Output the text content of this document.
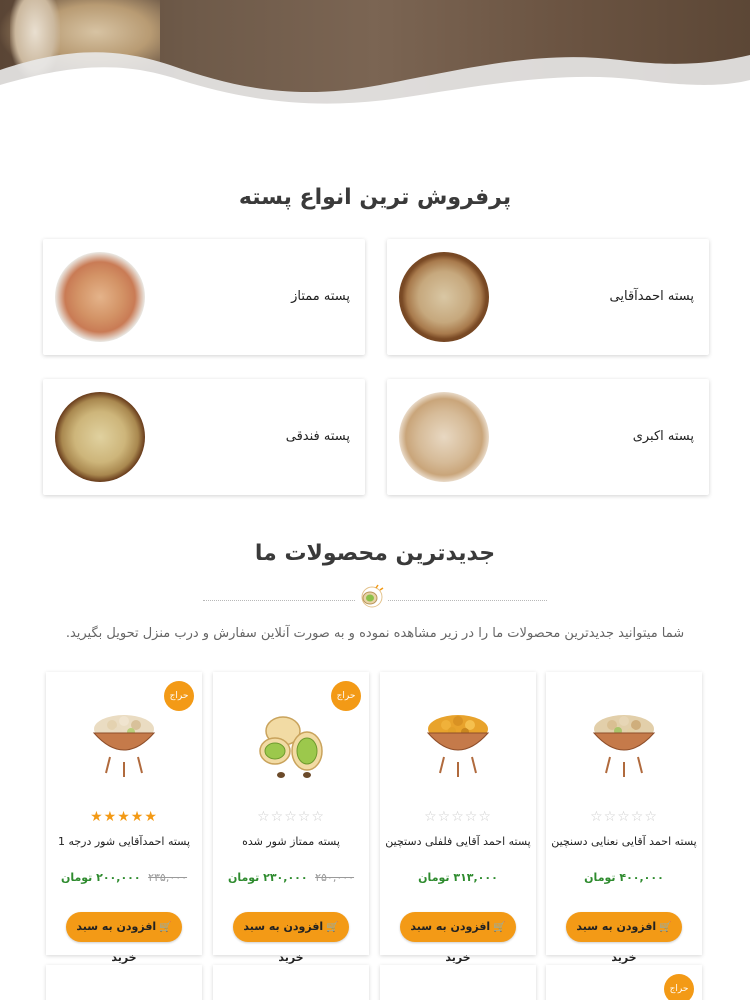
پرفروش ترین انواع پسته
پسته احمدآقایی
پسته ممتاز
پسته اکبری
پسته فندقی
جدیدترین محصولات ما

شما میتوانید جدیدترین محصولات ما را در زیر مشاهده نموده و به صورت آنلاین سفارش و درب منزل تحویل بگیرید.

☆☆☆☆☆
پسته احمد آقایی نعنایی دسنچین
۴۰۰,۰۰۰ تومان
🛒افزودن به سبد خرید
☆☆☆☆☆
پسته احمد آقایی فلفلی دستچین
۳۱۳,۰۰۰ تومان
🛒افزودن به سبد خرید
حراج
☆☆☆☆☆
پسته ممتاز شور شده
۲۵۰,۰۰۰ ۲۳۰,۰۰۰ تومان
🛒افزودن به سبد خرید
حراج
★★★★★
پسته احمدآقایی شور درجه 1
۲۳۵,۰۰۰ ۲۰۰,۰۰۰ تومان
🛒افزودن به سبد خرید
حراج
